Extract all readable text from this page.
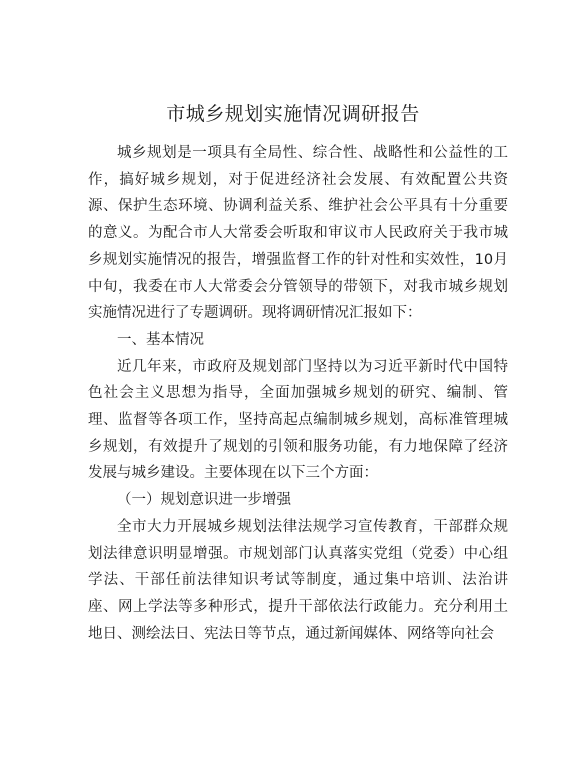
市城乡规划实施情况调研报告

城乡规划是一项具有全局性、综合性、战略性和公益性的工作，搞好城乡规划，对于促进经济社会发展、有效配置公共资源、保护生态环境、协调利益关系、维护社会公平具有十分重要的意义。为配合市人大常委会听取和审议市人民政府关于我市城乡规划实施情况的报告，增强监督工作的针对性和实效性，10月中旬，我委在市人大常委会分管领导的带领下，对我市城乡规划实施情况进行了专题调研。现将调研情况汇报如下：

一、基本情况

近几年来，市政府及规划部门坚持以为习近平新时代中国特色社会主义思想为指导，全面加强城乡规划的研究、编制、管理、监督等各项工作，坚持高起点编制城乡规划，高标准管理城乡规划，有效提升了规划的引领和服务功能，有力地保障了经济发展与城乡建设。主要体现在以下三个方面：

（一）规划意识进一步增强

全市大力开展城乡规划法律法规学习宣传教育，干部群众规划法律意识明显增强。市规划部门认真落实党组（党委）中心组学法、干部任前法律知识考试等制度，通过集中培训、法治讲座、网上学法等多种形式，提升干部依法行政能力。充分利用土地日、测绘法日、宪法日等节点，通过新闻媒体、网络等向社会
